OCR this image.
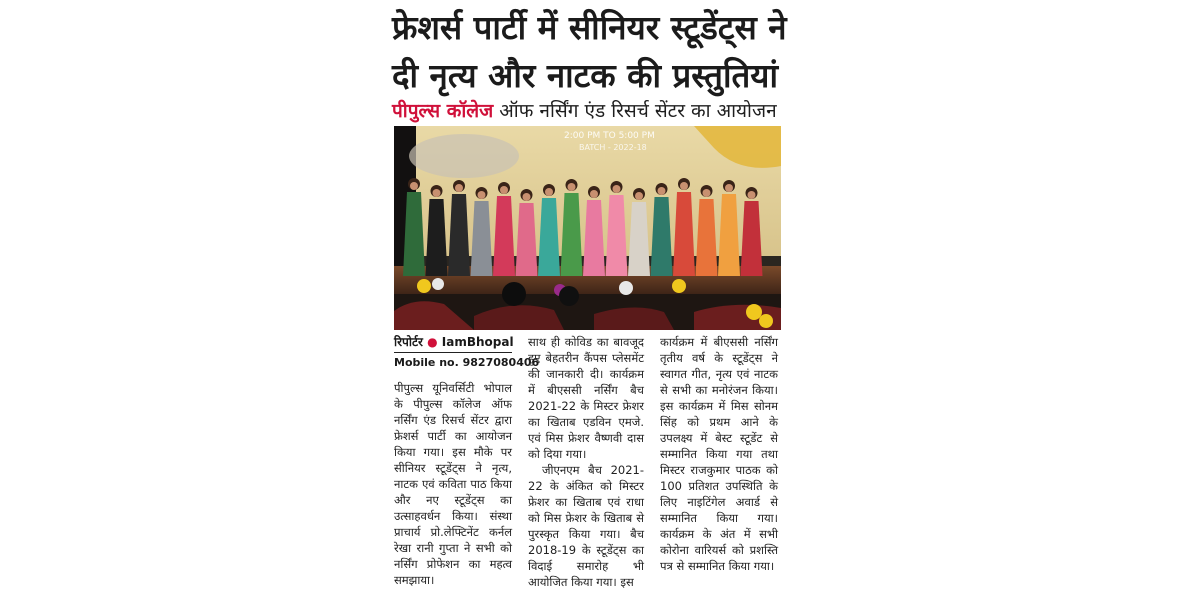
फ्रेशर्स पार्टी में सीनियर स्टूडेंट्स ने
दी नृत्य और नाटक की प्रस्तुतियां
पीपुल्स कॉलेज ऑफ नर्सिंग एंड रिसर्च सेंटर का आयोजन
2:00 PM TO 5:00 PM
BATCH - 2022-18
रिपोर्टर ● IamBhopal
Mobile no. 9827080406

पीपुल्स यूनिवर्सिटी भोपाल के पीपुल्स कॉलेज ऑफ नर्सिंग एंड रिसर्च सेंटर द्वारा फ्रेशर्स पार्टी का आयोजन किया गया। इस मौके पर सीनियर स्टूडेंट्स ने नृत्य, नाटक एवं कविता पाठ किया और नए स्टूडेंट्स का उत्साहवर्धन किया। संस्था प्राचार्य प्रो.लेफ्टिनेंट कर्नल रेखा रानी गुप्ता ने सभी को नर्सिंग प्रोफेशन का महत्व समझाया।

साथ ही कोविड का बावजूद हुए बेहतरीन कैंपस प्लेसमेंट की जानकारी दी। कार्यक्रम में बीएससी नर्सिंग बैच 2021-22 के मिस्टर फ्रेशर का खिताब एडविन एमजे. एवं मिस फ्रेशर वैष्णवी दास को दिया गया।

जीएनएम बैच 2021-22 के अंकित को मिस्टर फ्रेशर का खिताब एवं राधा को मिस फ्रेशर के खिताब से पुरस्कृत किया गया। बैच 2018-19 के स्टूडेंट्स का विदाई समारोह भी आयोजित किया गया। इस

कार्यक्रम में बीएससी नर्सिंग तृतीय वर्ष के स्टूडेंट्स ने स्वागत गीत, नृत्य एवं नाटक से सभी का मनोरंजन किया। इस कार्यक्रम में मिस सोनम सिंह को प्रथम आने के उपलक्ष्य में बेस्ट स्टूडेंट से सम्मानित किया गया तथा मिस्टर राजकुमार पाठक को 100 प्रतिशत उपस्थिति के लिए नाइटिंगेल अवार्ड से सम्मानित किया गया। कार्यक्रम के अंत में सभी कोरोना वारियर्स को प्रशस्ति पत्र से सम्मानित किया गया।
